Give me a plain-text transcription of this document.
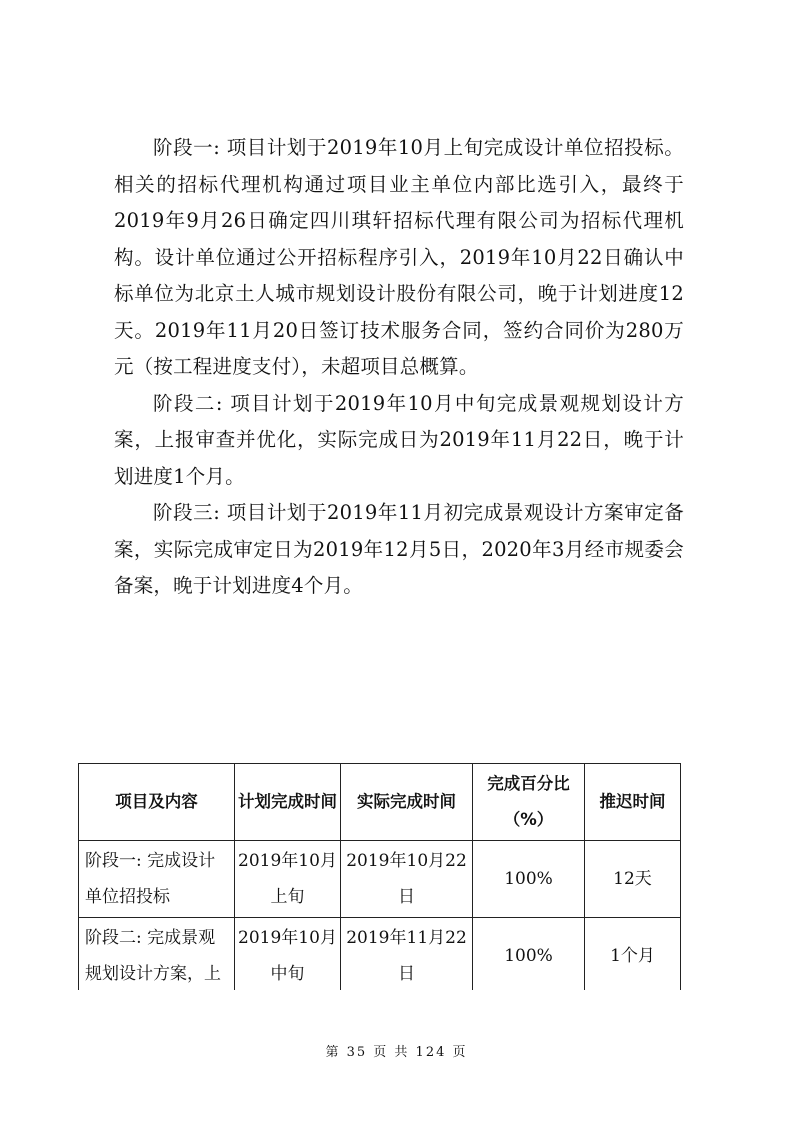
阶段一: 项目计划于2019年10月上旬完成设计单位招投标。相关的招标代理机构通过项目业主单位内部比选引入，最终于2019年9月26日确定四川琪轩招标代理有限公司为招标代理机构。设计单位通过公开招标程序引入，2019年10月22日确认中标单位为北京土人城市规划设计股份有限公司，晚于计划进度12天。2019年11月20日签订技术服务合同，签约合同价为280万元（按工程进度支付），未超项目总概算。

阶段二: 项目计划于2019年10月中旬完成景观规划设计方案，上报审查并优化，实际完成日为2019年11月22日，晚于计划进度1个月。

阶段三: 项目计划于2019年11月初完成景观设计方案审定备案，实际完成审定日为2019年12月5日，2020年3月经市规委会备案，晚于计划进度4个月。

项目及内容	计划完成时间	实际完成时间	完成百分比（%）	推迟时间
阶段一: 完成设计单位招投标	2019年10月上旬	2019年10月22日	100%	12天
阶段二: 完成景观规划设计方案，上	2019年10月中旬	2019年11月22日	100%	1个月
第 35 页 共 124 页
